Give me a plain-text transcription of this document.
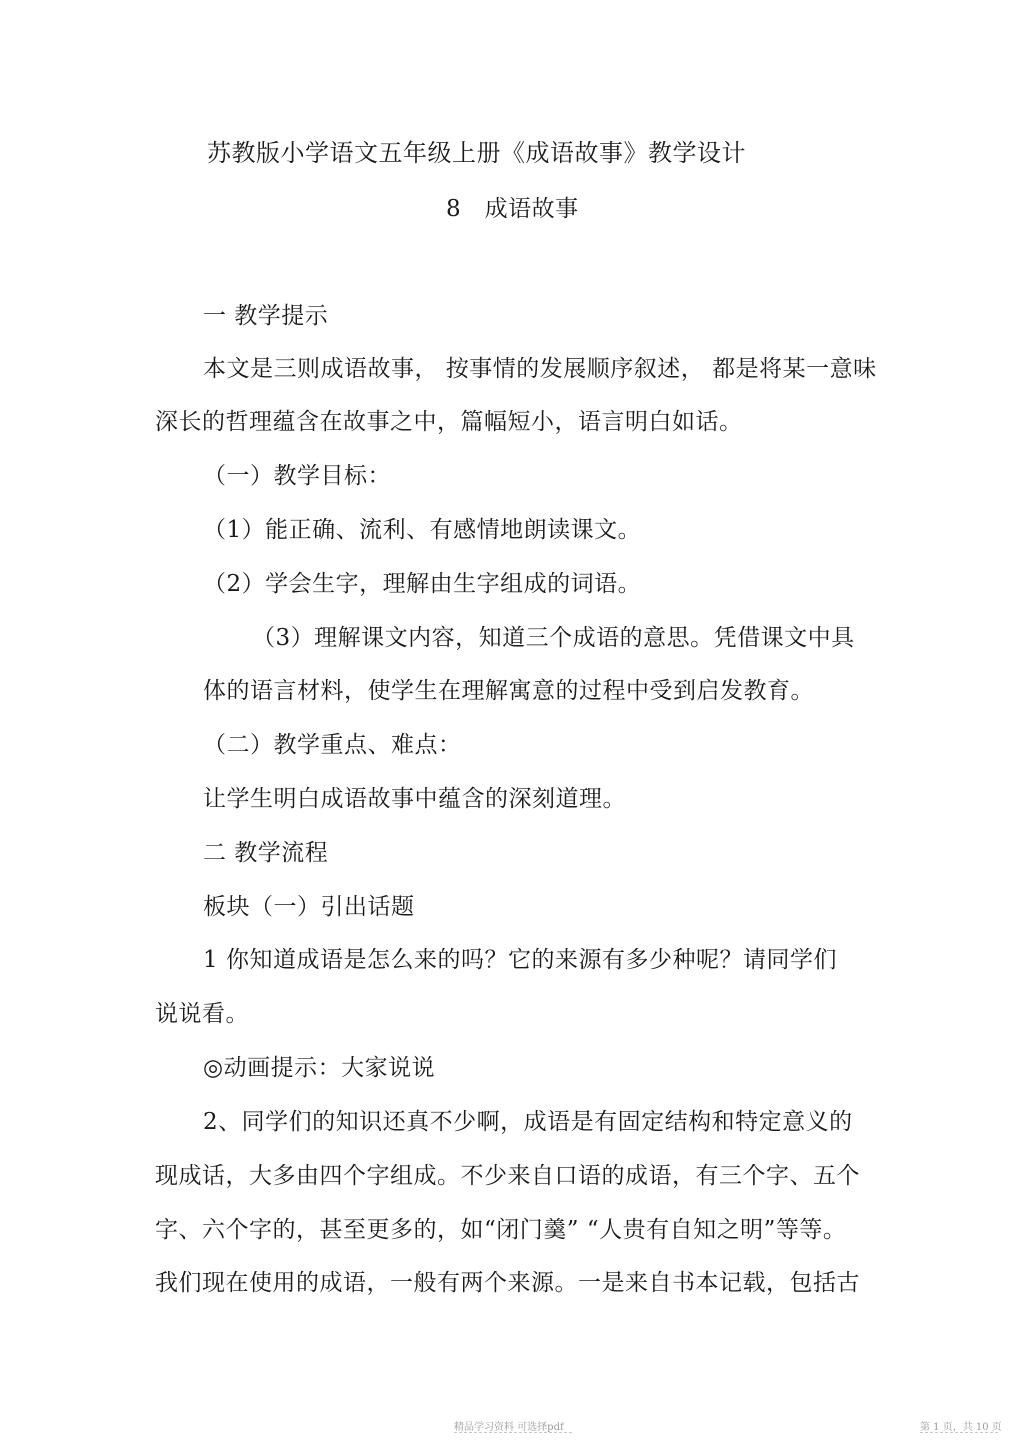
苏教版小学语文五年级上册《成语故事》教学设计
8　成语故事
一 教学提示
本文是三则成语故事， 按事情的发展顺序叙述， 都是将某一意味
深长的哲理蕴含在故事之中，篇幅短小，语言明白如话。
（一）教学目标：
（1）能正确、流利、有感情地朗读课文。
（2）学会生字，理解由生字组成的词语。
（3）理解课文内容，知道三个成语的意思。凭借课文中具
体的语言材料，使学生在理解寓意的过程中受到启发教育。
（二）教学重点、难点：
让学生明白成语故事中蕴含的深刻道理。
二 教学流程
板块（一）引出话题
1 你知道成语是怎么来的吗？它的来源有多少种呢？请同学们
说说看。
◎动画提示：大家说说
2、同学们的知识还真不少啊，成语是有固定结构和特定意义的
现成话，大多由四个字组成。不少来自口语的成语，有三个字、五个
字、六个字的，甚至更多的，如“闭门羹” “人贵有自知之明”等等。
我们现在使用的成语，一般有两个来源。一是来自书本记载，包括古
精品学习资料 可选择pdf	第 1 页，共 10 页
